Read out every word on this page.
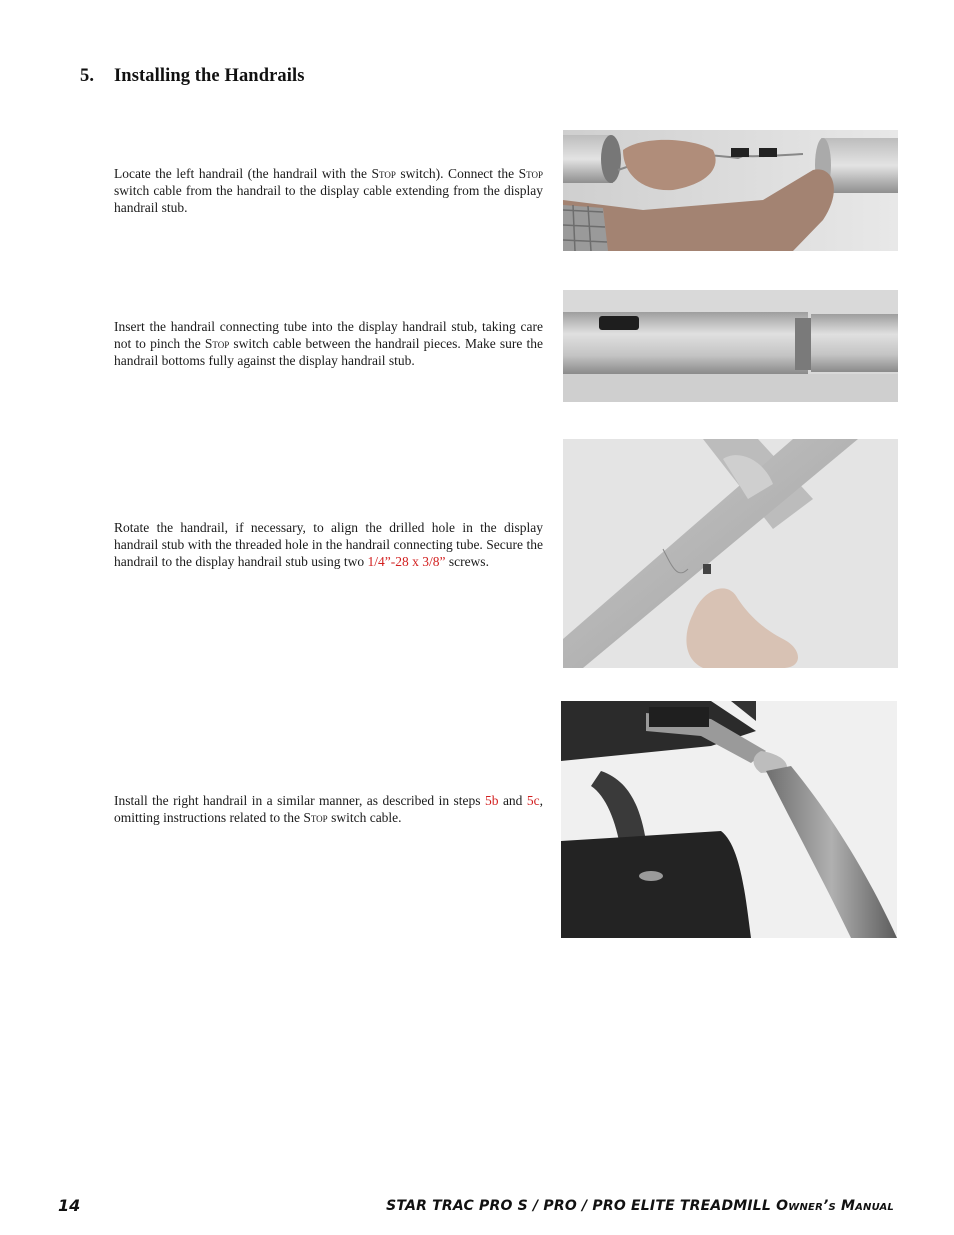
5. Installing the Handrails
Locate the left handrail (the handrail with the Stop switch). Connect the Stop switch cable from the handrail to the display cable extending from the display handrail stub.
Insert the handrail connecting tube into the display handrail stub, taking care not to pinch the Stop switch cable between the handrail pieces. Make sure the handrail bottoms fully against the display handrail stub.
Rotate the handrail, if necessary, to align the drilled hole in the display handrail stub with the threaded hole in the handrail connecting tube. Secure the handrail to the display handrail stub using two 1/4”-28 x 3/8” screws.
Install the right handrail in a similar manner, as described in steps 5b and 5c, omitting instructions related to the Stop switch cable.
14	STAR TRAC PRO S / PRO / PRO ELITE TREADMILL Owner’s Manual
